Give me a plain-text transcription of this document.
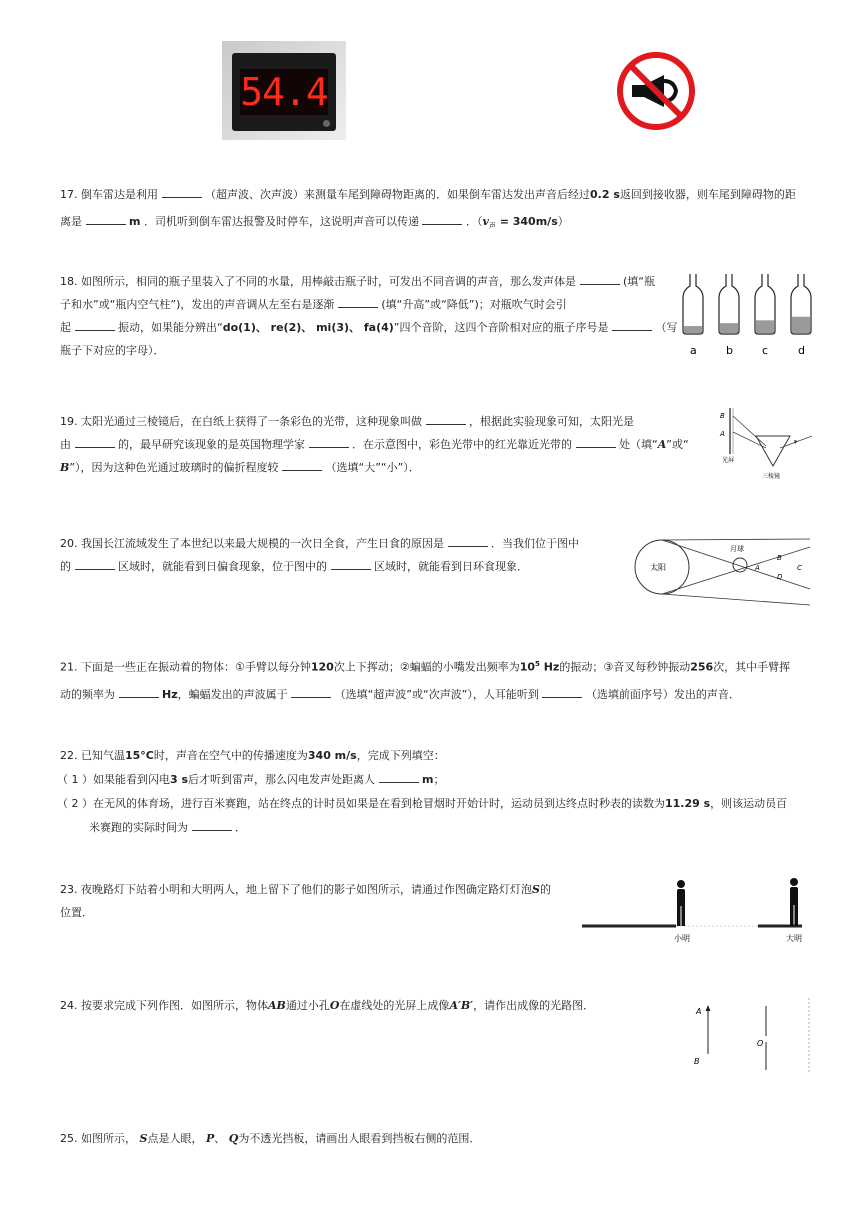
54.4

17. 倒车雷达是利用	（超声波、次声波）来测量车尾到障碍物距离的．如果倒车雷达发出声音后经过0.2 s返回到接收器，则车尾到障碍物的距

离是	m ．司机听到倒车雷达报警及时停车，这说明声音可以传递	．$(v_声 = 340m/s)$

18. 如图所示，相同的瓶子里装入了不同的水量，用棒敲击瓶子时，可发出不同音调的声音，那么发声体是	(填“瓶

子和水”或“瓶内空气柱”)，发出的声音调从左至右是逐渐	(填“升高”或“降低”)；对瓶吹气时会引

起	振动，如果能分辨出“do(1)、 re(2)、 mi(3)、 fa(4)”四个音阶，这四个音阶相对应的瓶子序号是	（写

瓶子下对应的字母）．	a	b	c	d

19. 太阳光通过三棱镜后，在白纸上获得了一条彩色的光带，这种现象叫做	，根据此实验现象可知，太阳光是

由	的，最早研究该现象的是英国物理学家	．在示意图中，彩色光带中的红光靠近光带的	处（填“A”或“

B”），因为这种色光通过玻璃时的偏折程度较	（选填“大”“小”）．

A
B
光屏
三棱镜

20. 我国长江流域发生了本世纪以来最大规模的一次日全食，产生日食的原因是	．当我们位于图中

的	区域时，就能看到日偏食现象，位于图中的	区域时，就能看到日环食现象．	太阳
月球
A
B
C
D

21. 下面是一些正在振动着的物体：①手臂以每分钟120次上下挥动；②蝙蝠的小嘴发出频率为$10^5$ Hz的振动；③音叉每秒钟振动256次，其中手臂挥

动的频率为	Hz，蝙蝠发出的声波属于	（选填“超声波”或“次声波”），人耳能听到	（选填前面序号）发出的声音．

22. 已知气温15°C时，声音在空气中的传播速度为340 m/s，完成下列填空：

（ 1 ）如果能看到闪电3 s后才听到雷声，那么闪电发声处距离人	m；

（ 2 ）在无风的体育场，进行百米赛跑，站在终点的计时员如果是在看到枪冒烟时开始计时，运动员到达终点时秒表的读数为11.29 s，则该运动员百

米赛跑的实际时间为	．

23. 夜晚路灯下站着小明和大明两人，地上留下了他们的影子如图所示，请通过作图确定路灯灯泡S的

位置．

小明	大明

24. 按要求完成下列作图．如图所示，物体AB通过小孔O在虚线处的光屏上成像A′B′，请作出成像的光路图．	A
B
O

25. 如图所示， S点是人眼， P、 Q为不透光挡板，请画出人眼看到挡板右侧的范围．
